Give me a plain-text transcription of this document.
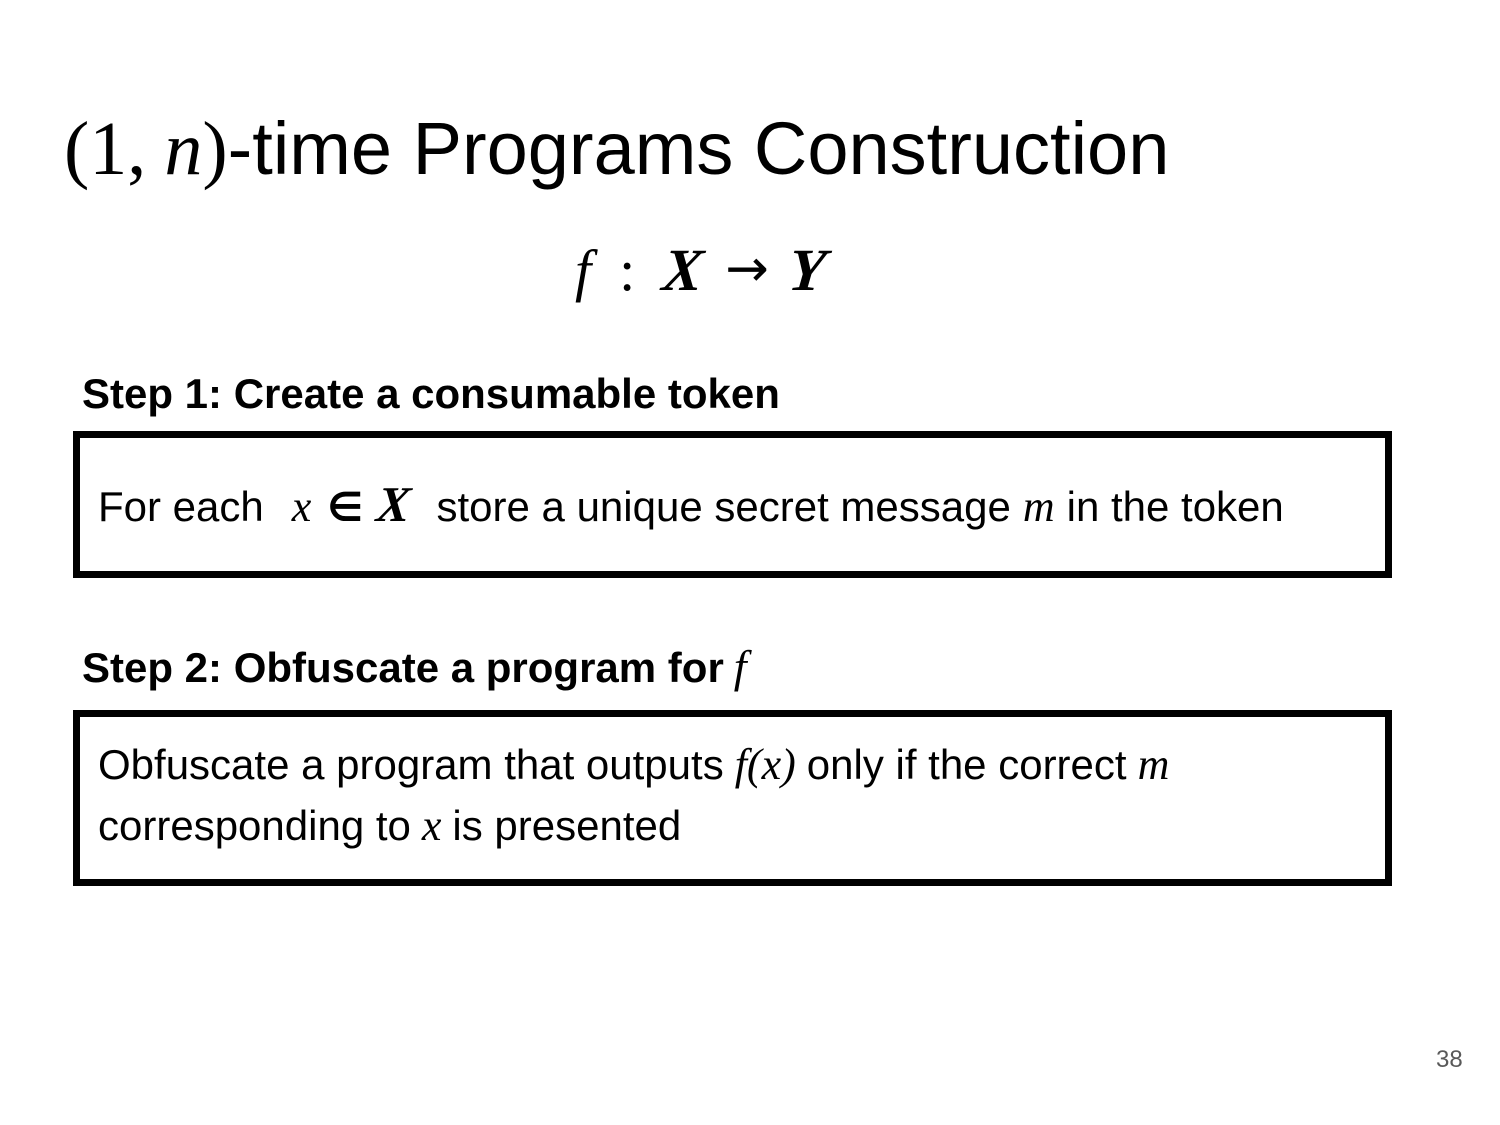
(1, n)-time Programs Construction
f : X → Y
Step 1: Create a consumable token
For each x ∈ X store a unique secret message m in the token
Step 2: Obfuscate a program for f
Obfuscate a program that outputs f(x) only if the correct m
corresponding to x is presented
38
